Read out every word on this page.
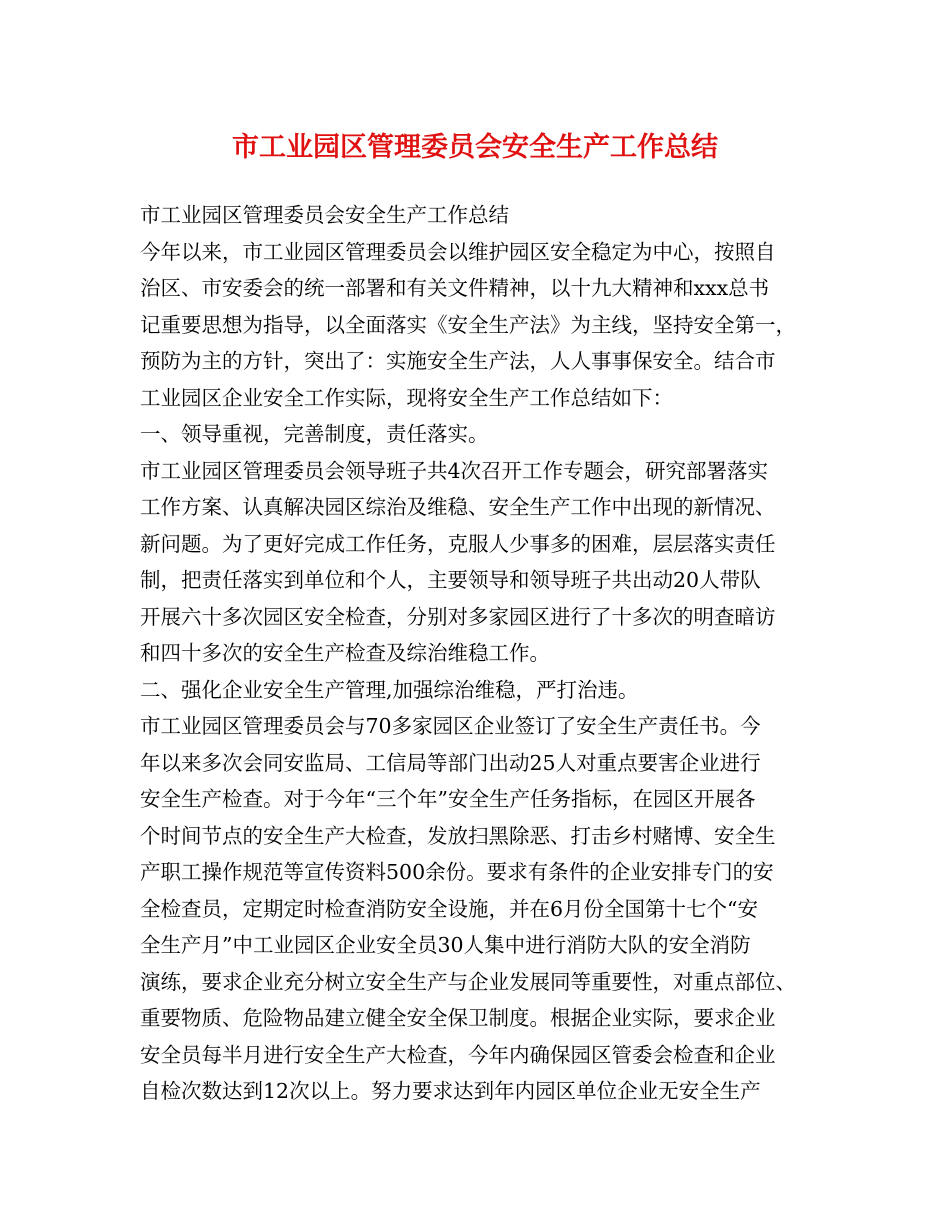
市工业园区管理委员会安全生产工作总结
市工业园区管理委员会安全生产工作总结
今年以来，市工业园区管理委员会以维护园区安全稳定为中心，按照自
治区、市安委会的统一部署和有关文件精神，以十九大精神和xxx总书
记重要思想为指导，以全面落实《安全生产法》为主线，坚持安全第一，
预防为主的方针，突出了：实施安全生产法，人人事事保安全。结合市
工业园区企业安全工作实际，现将安全生产工作总结如下：
一、领导重视，完善制度，责任落实。
市工业园区管理委员会领导班子共4次召开工作专题会，研究部署落实
工作方案、认真解决园区综治及维稳、安全生产工作中出现的新情况、
新问题。为了更好完成工作任务，克服人少事多的困难，层层落实责任
制，把责任落实到单位和个人，主要领导和领导班子共出动20人带队
开展六十多次园区安全检查，分别对多家园区进行了十多次的明查暗访
和四十多次的安全生产检查及综治维稳工作。
二、强化企业安全生产管理,加强综治维稳，严打治违。
市工业园区管理委员会与70多家园区企业签订了安全生产责任书。今
年以来多次会同安监局、工信局等部门出动25人对重点要害企业进行
安全生产检查。对于今年“三个年”安全生产任务指标，在园区开展各
个时间节点的安全生产大检查，发放扫黑除恶、打击乡村赌博、安全生
产职工操作规范等宣传资料500余份。要求有条件的企业安排专门的安
全检查员，定期定时检查消防安全设施，并在6月份全国第十七个“安
全生产月”中工业园区企业安全员30人集中进行消防大队的安全消防
演练，要求企业充分树立安全生产与企业发展同等重要性，对重点部位、
重要物质、危险物品建立健全安全保卫制度。根据企业实际，要求企业
安全员每半月进行安全生产大检查，今年内确保园区管委会检查和企业
自检次数达到12次以上。努力要求达到年内园区单位企业无安全生产
